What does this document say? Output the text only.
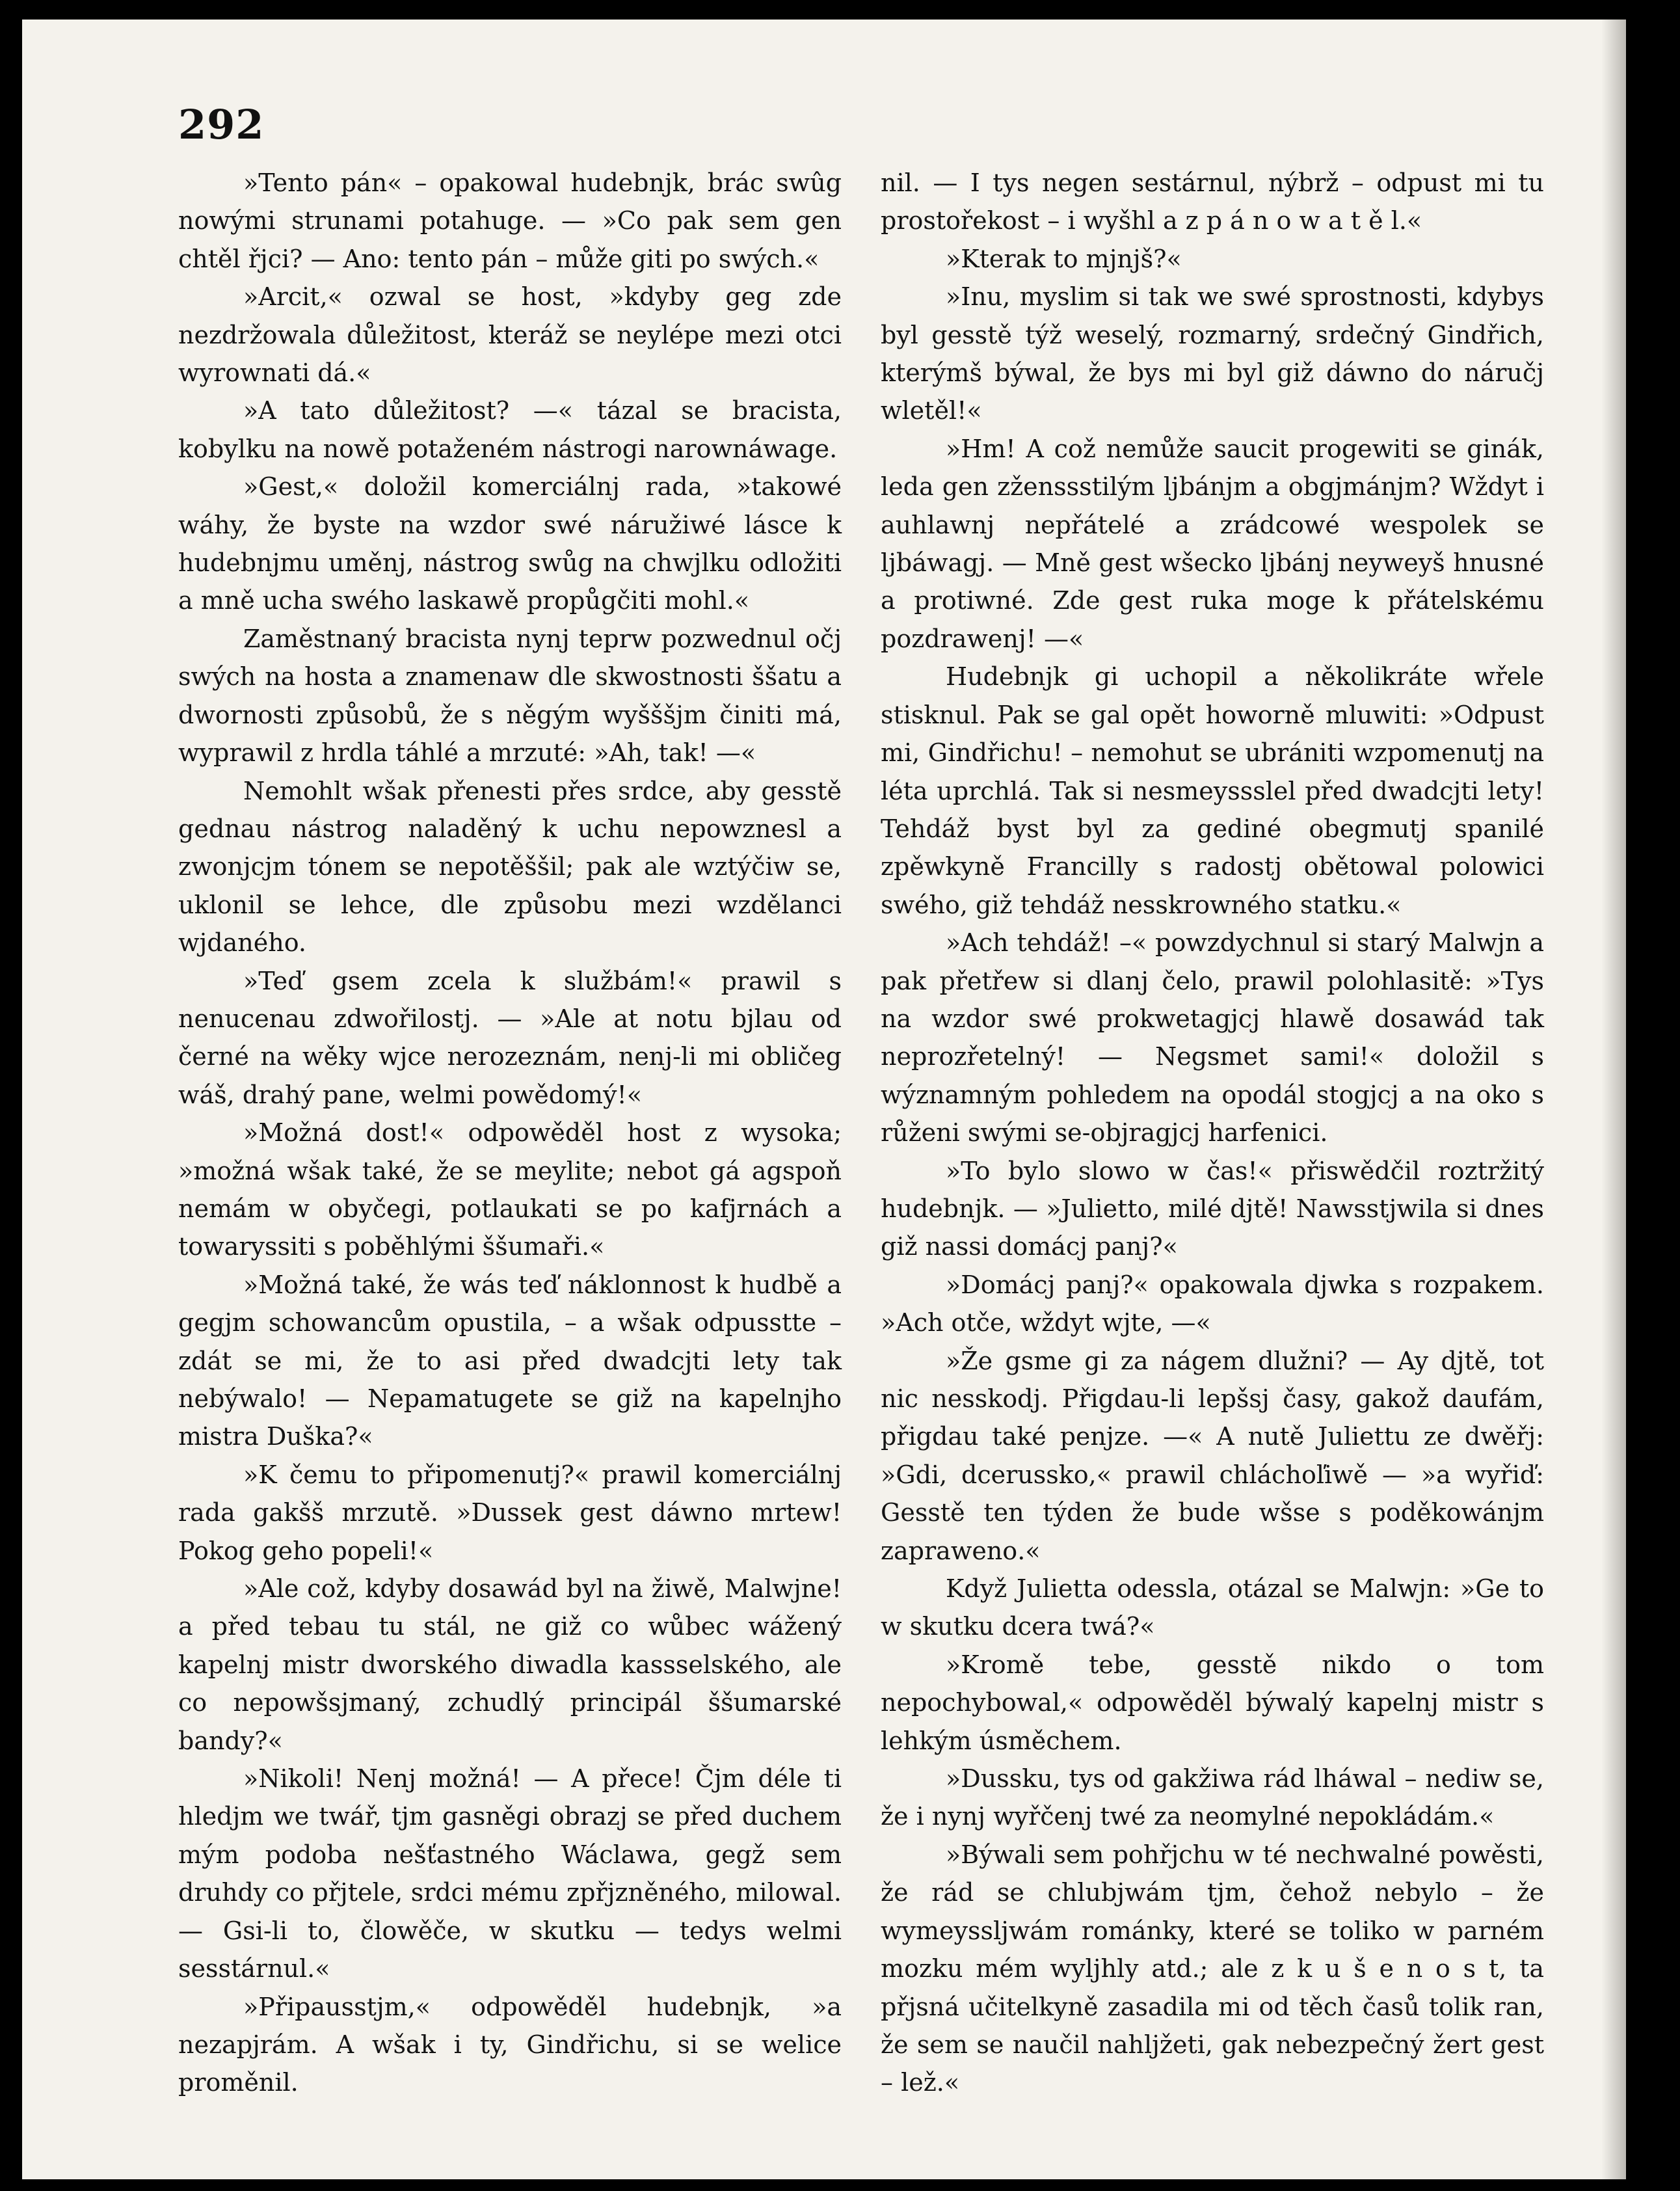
292

»Tento pán« – opakowal hudebnjk, brác swûg nowými strunami potahuge. — »Co pak sem gen chtěl řjci? — Ano: tento pán – může giti po swých.«

»Arcit,« ozwal se host, »kdyby geg zde nezdržowala důležitost, kteráž se neylépe mezi otci wyrownati dá.«

»A tato důležitost? —« tázal se bracista, kobylku na nowě potaženém nástrogi narownáwage.

»Gest,« doložil komerciálnj rada, »takowé wáhy, že byste na wzdor swé náružiwé lásce k hudebnjmu uměnj, nástrog swůg na chwjlku odložiti a mně ucha swého laskawě propůgčiti mohl.«

Zaměstnaný bracista nynj teprw pozwednul očj swých na hosta a znamenaw dle skwostnosti ššatu a dwornosti způsobů, že s něgým wyšššjm činiti má, wyprawil z hrdla táhlé a mrzuté: »Ah, tak! —«

Nemohlt wšak přenesti přes srdce, aby gesstě gednau nástrog naladěný k uchu nepowznesl a zwonjcjm tónem se nepotěššil; pak ale wztýčiw se, uklonil se lehce, dle způsobu mezi wzdělanci wjdaného.

»Teď gsem zcela k službám!« prawil s nenucenau zdwořilostj. — »Ale at notu bjlau od černé na wěky wjce nerozeznám, nenj-li mi obličeg wáš, drahý pane, welmi powědomý!«

»Možná dost!« odpowěděl host z wysoka; »možná wšak také, že se meylite; nebot gá agspoň nemám w obyčegi, potlaukati se po kafjrnách a towaryssiti s poběhlými ššumaři.«

»Možná také, že wás teď náklonnost k hudbě a gegjm schowancům opustila, – a wšak odpusstte – zdát se mi, že to asi před dwadcjti lety tak nebýwalo! — Nepamatugete se giž na kapelnjho mistra Duška?«

»K čemu to připomenutj?« prawil komerciálnj rada gakšš mrzutě. »Dussek gest dáwno mrtew! Pokog geho popeli!«

»Ale což, kdyby dosawád byl na žiwě, Malwjne! a před tebau tu stál, ne giž co wůbec wážený kapelnj mistr dworského diwadla kassselského, ale co nepowšsjmaný, zchudlý principál ššumarské bandy?«

»Nikoli! Nenj možná! — A přece! Čjm déle ti hledjm we twář, tjm gasněgi obrazj se před duchem mým podoba nešťastného Wáclawa, gegž sem druhdy co přjtele, srdci mému zpřjzněného, milowal. — Gsi-li to, člowěče, w skutku — tedys welmi sesstárnul.«

»Připausstjm,« odpowěděl hudebnjk, »a nezapjrám. A wšak i ty, Gindřichu, si se welice proměnil.

nil. — I tys negen sestárnul, nýbrž – odpust mi tu prostořekost – i wyšhl a z p á n o w a t ě l.«

»Kterak to mjnjš?«

»Inu, myslim si tak we swé sprostnosti, kdybys byl gesstě týž weselý, rozmarný, srdečný Gindřich, kterýmš býwal, že bys mi byl giž dáwno do náručj wletěl!«

»Hm! A což nemůže saucit progewiti se ginák, leda gen zženssstilým ljbánjm a obgjmánjm? Wždyt i auhlawnj nepřátelé a zrádcowé wespolek se ljbáwagj. — Mně gest wšecko ljbánj neyweyš hnusné a protiwné. Zde gest ruka moge k přátelskému pozdrawenj! —«

Hudebnjk gi uchopil a několikráte wřele stisknul. Pak se gal opět howorně mluwiti: »Odpust mi, Gindřichu! – nemohut se ubrániti wzpomenutj na léta uprchlá. Tak si nesmeyssslel před dwadcjti lety! Tehdáž byst byl za gediné obegmutj spanilé zpěwkyně Francilly s radostj obětowal polowici swého, giž tehdáž nesskrowného statku.«

»Ach tehdáž! –« powzdychnul si starý Malwjn a pak přetřew si dlanj čelo, prawil polohlasitě: »Tys na wzdor swé prokwetagjcj hlawě dosawád tak neprozřetelný! — Negsmet sami!« doložil s wýznamným pohledem na opodál stogjcj a na oko s růženi swými se-objragjcj harfenici.

»To bylo slowo w čas!« přiswědčil roztržitý hudebnjk. — »Julietto, milé djtě! Nawsstjwila si dnes giž nassi domácj panj?«

»Domácj panj?« opakowala djwka s rozpakem. »Ach otče, wždyt wjte, —«

»Že gsme gi za nágem dlužni? — Ay djtě, tot nic nesskodj. Přigdau-li lepšsj časy, gakož daufám, přigdau také penjze. —« A nutě Juliettu ze dwěřj: »Gdi, dcerussko,« prawil chláchoľiwě — »a wyřiď: Gesstě ten týden že bude wšse s poděkowánjm zaprawenо.«

Když Julietta odessla, otázal se Malwjn: »Ge to w skutku dcera twá?«

»Kromě tebe, gesstě nikdo o tom nepochybowal,« odpowěděl býwalý kapelnj mistr s lehkým úsměchem.

»Dussku, tys od gakžiwa rád lháwal – nediw se, že i nynj wyřčenj twé za neomylné nepokládám.«

»Býwali sem pohřjchu w té nechwalné powěsti, že rád se chlubjwám tjm, čehož nebylo – že wymeyssljwám románky, které se toliko w parném mozku mém wyljhly atd.; ale z k u š e n o s t, ta přjsná učitelkyně zasadila mi od těch časů tolik ran, že sem se naučil nahljžeti, gak nebezpečný žert gest – lež.«
